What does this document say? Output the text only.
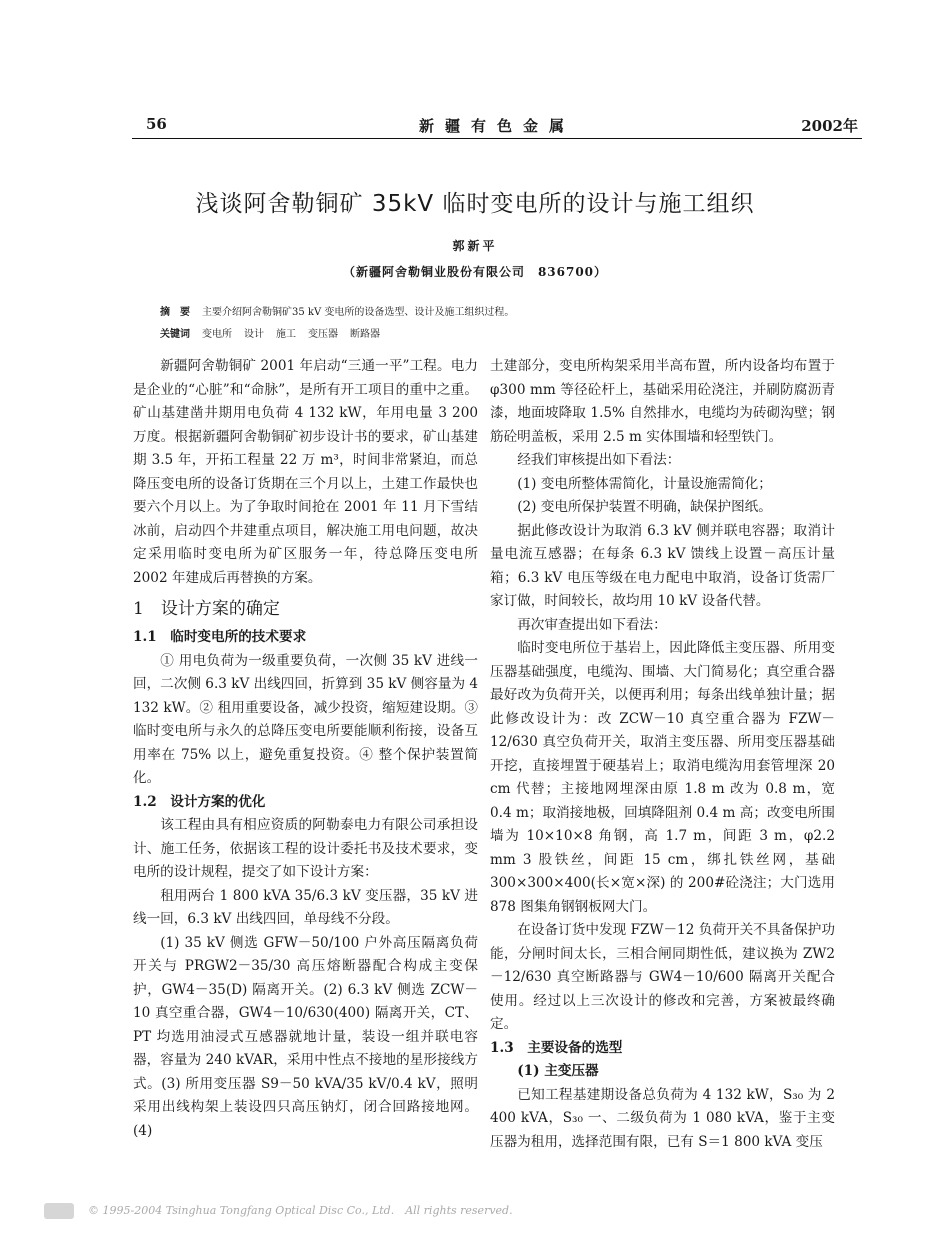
56	新疆有色金属	2002年
浅谈阿舍勒铜矿 35kV 临时变电所的设计与施工组织
郭新平
（新疆阿舍勒铜业股份有限公司　836700）
摘　要 主要介绍阿舍勒铜矿35 kV 变电所的设备选型、设计及施工组织过程。
关键词 变电所 设计 施工 变压器 断路器

新疆阿舍勒铜矿 2001 年启动“三通一平”工程。电力是企业的“心脏”和“命脉”，是所有开工项目的重中之重。矿山基建凿井期用电负荷 4 132 kW，年用电量 3 200 万度。根据新疆阿舍勒铜矿初步设计书的要求，矿山基建期 3.5 年，开拓工程量 22 万 m³，时间非常紧迫，而总降压变电所的设备订货期在三个月以上，土建工作最快也要六个月以上。为了争取时间抢在 2001 年 11 月下雪结冰前，启动四个井建重点项目，解决施工用电问题，故决定采用临时变电所为矿区服务一年，待总降压变电所 2002 年建成后再替换的方案。

1　设计方案的确定
1.1　临时变电所的技术要求

① 用电负荷为一级重要负荷，一次侧 35 kV 进线一回，二次侧 6.3 kV 出线四回，折算到 35 kV 侧容量为 4 132 kW。② 租用重要设备，减少投资，缩短建设期。③ 临时变电所与永久的总降压变电所要能顺利衔接，设备互用率在 75% 以上，避免重复投资。④ 整个保护装置简化。

1.2　设计方案的优化

该工程由具有相应资质的阿勒泰电力有限公司承担设计、施工任务，依据该工程的设计委托书及技术要求，变电所的设计规程，提交了如下设计方案：

租用两台 1 800 kVA 35/6.3 kV 变压器，35 kV 进线一回，6.3 kV 出线四回，单母线不分段。

(1) 35 kV 侧选 GFW－50/100 户外高压隔离负荷开关与 PRGW2－35/30 高压熔断器配合构成主变保护，GW4－35(D) 隔离开关。(2) 6.3 kV 侧选 ZCW－10 真空重合器，GW4－10/630(400) 隔离开关，CT、PT 均选用油浸式互感器就地计量，装设一组并联电容器，容量为 240 kVAR，采用中性点不接地的星形接线方式。(3) 所用变压器 S9－50 kVA/35 kV/0.4 kV，照明采用出线构架上装设四只高压钠灯，闭合回路接地网。(4)

土建部分，变电所构架采用半高布置，所内设备均布置于 φ300 mm 等径砼杆上，基础采用砼浇注，并刷防腐沥青漆，地面坡降取 1.5% 自然排水，电缆均为砖砌沟壁；钢筋砼明盖板，采用 2.5 m 实体围墙和轻型铁门。

经我们审核提出如下看法：

(1) 变电所整体需简化，计量设施需简化；

(2) 变电所保护装置不明确，缺保护图纸。

据此修改设计为取消 6.3 kV 侧并联电容器；取消计量电流互感器；在每条 6.3 kV 馈线上设置－高压计量箱；6.3 kV 电压等级在电力配电中取消，设备订货需厂家订做，时间较长，故均用 10 kV 设备代替。

再次审查提出如下看法：

临时变电所位于基岩上，因此降低主变压器、所用变压器基础强度，电缆沟、围墙、大门简易化；真空重合器最好改为负荷开关，以便再利用；每条出线单独计量；据此修改设计为：改 ZCW－10 真空重合器为 FZW－12/630 真空负荷开关，取消主变压器、所用变压器基础开挖，直接埋置于硬基岩上；取消电缆沟用套管埋深 20 cm 代替；主接地网埋深由原 1.8 m 改为 0.8 m，宽 0.4 m；取消接地极，回填降阻剂 0.4 m 高；改变电所围墙为 10×10×8 角钢，高 1.7 m，间距 3 m，φ2.2 mm 3 股铁丝，间距 15 cm，绑扎铁丝网，基础 300×300×400(长×宽×深) 的 200#砼浇注；大门选用 878 图集角钢钢板网大门。

在设备订货中发现 FZW－12 负荷开关不具备保护功能，分闸时间太长，三相合闸同期性低，建议换为 ZW2－12/630 真空断路器与 GW4－10/600 隔离开关配合使用。经过以上三次设计的修改和完善，方案被最终确定。

1.3　主要设备的选型
(1) 主变压器

已知工程基建期设备总负荷为 4 132 kW，S₃₀ 为 2 400 kVA，S₃₀ 一、二级负荷为 1 080 kVA，鉴于主变压器为租用，选择范围有限，已有 S＝1 800 kVA 变压

© 1995-2004 Tsinghua Tongfang Optical Disc Co., Ltd.　All rights reserved.
